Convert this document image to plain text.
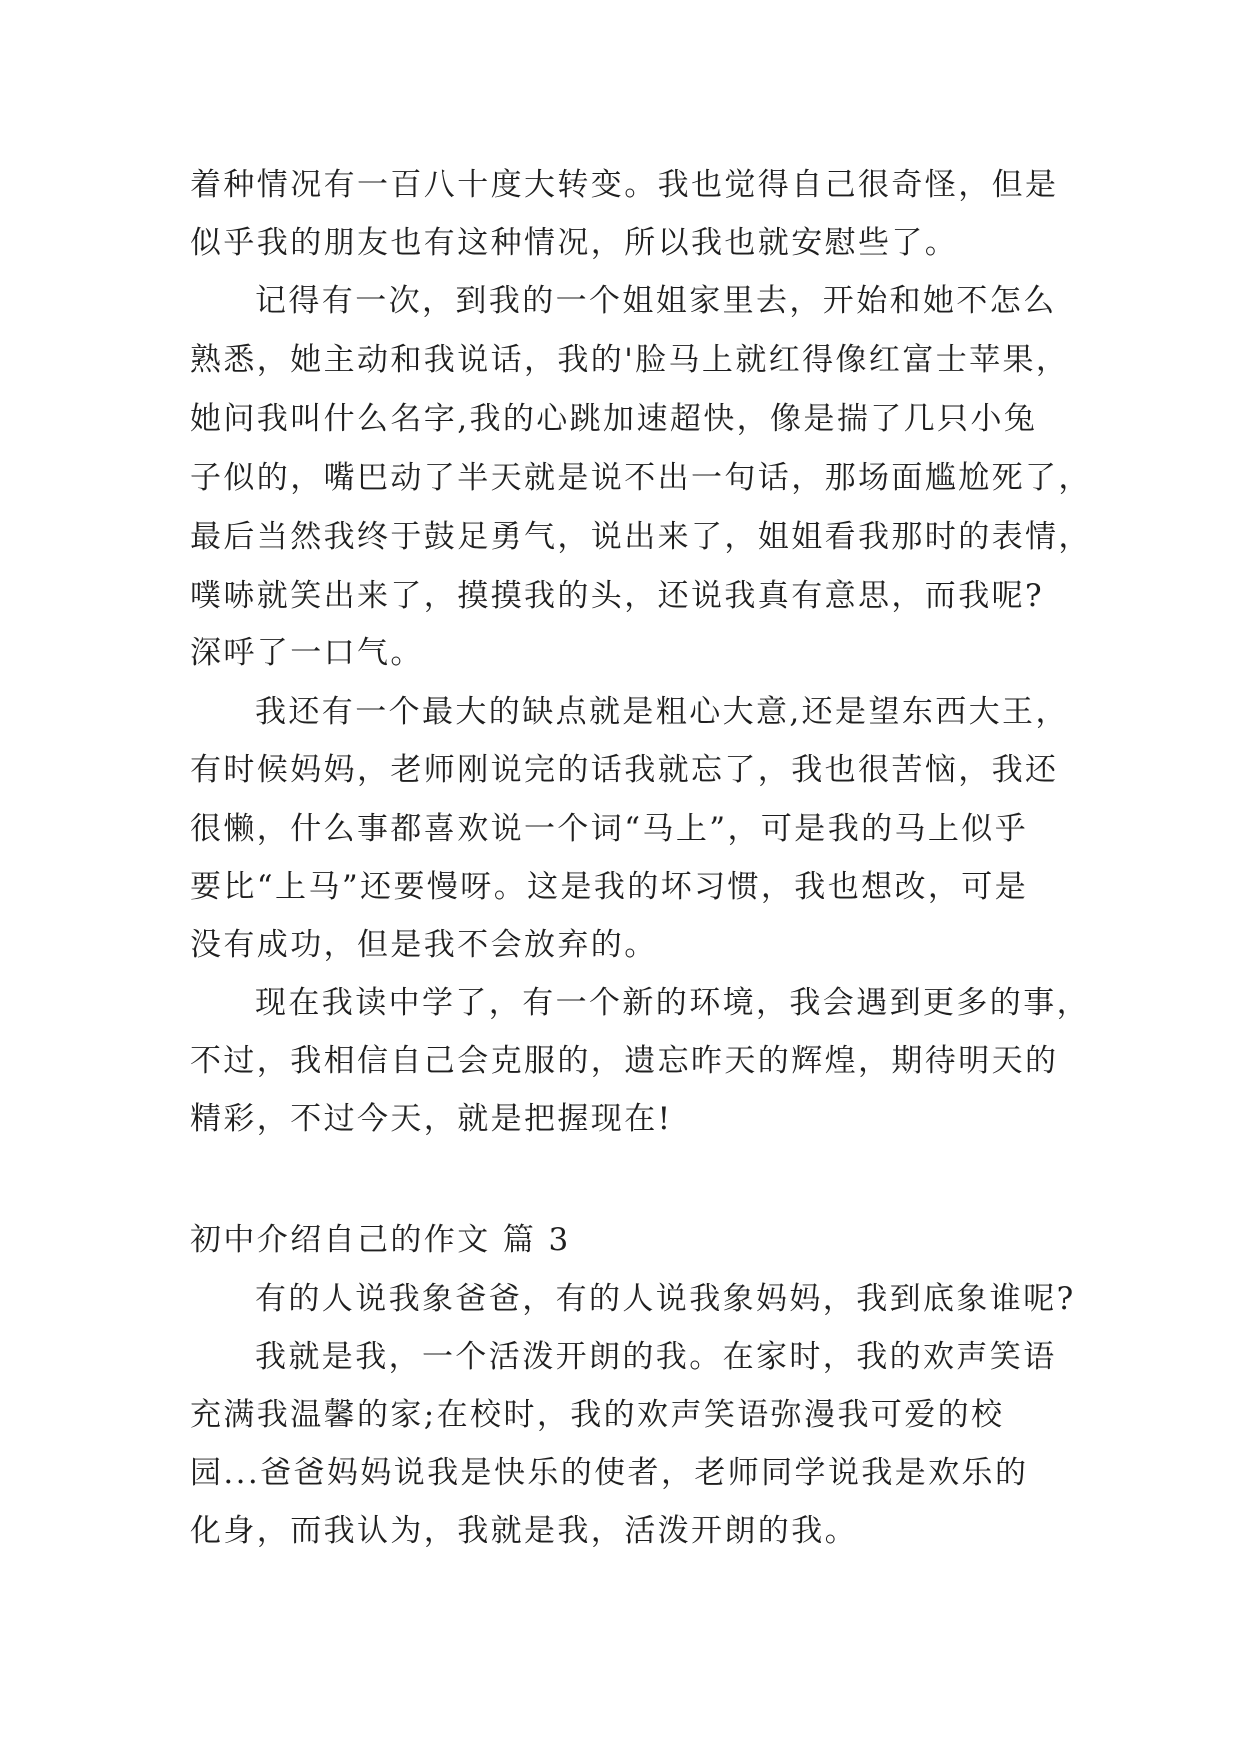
着种情况有一百八十度大转变。我也觉得自己很奇怪，但是
似乎我的朋友也有这种情况，所以我也就安慰些了。
记得有一次，到我的一个姐姐家里去，开始和她不怎么
熟悉，她主动和我说话，我的'脸马上就红得像红富士苹果，
她问我叫什么名字,我的心跳加速超快，像是揣了几只小兔
子似的，嘴巴动了半天就是说不出一句话，那场面尴尬死了，
最后当然我终于鼓足勇气，说出来了，姐姐看我那时的表情，
噗哧就笑出来了，摸摸我的头，还说我真有意思，而我呢?
深呼了一口气。
我还有一个最大的缺点就是粗心大意,还是望东西大王，
有时候妈妈，老师刚说完的话我就忘了，我也很苦恼，我还
很懒，什么事都喜欢说一个词“马上”，可是我的马上似乎
要比“上马”还要慢呀。这是我的坏习惯，我也想改，可是
没有成功，但是我不会放弃的。
现在我读中学了，有一个新的环境，我会遇到更多的事，
不过，我相信自己会克服的，遗忘昨天的辉煌，期待明天的
精彩，不过今天，就是把握现在!
初中介绍自己的作文 篇 3
有的人说我象爸爸，有的人说我象妈妈，我到底象谁呢?
我就是我，一个活泼开朗的我。在家时，我的欢声笑语
充满我温馨的家;在校时，我的欢声笑语弥漫我可爱的校
园...爸爸妈妈说我是快乐的使者，老师同学说我是欢乐的
化身，而我认为，我就是我，活泼开朗的我。
